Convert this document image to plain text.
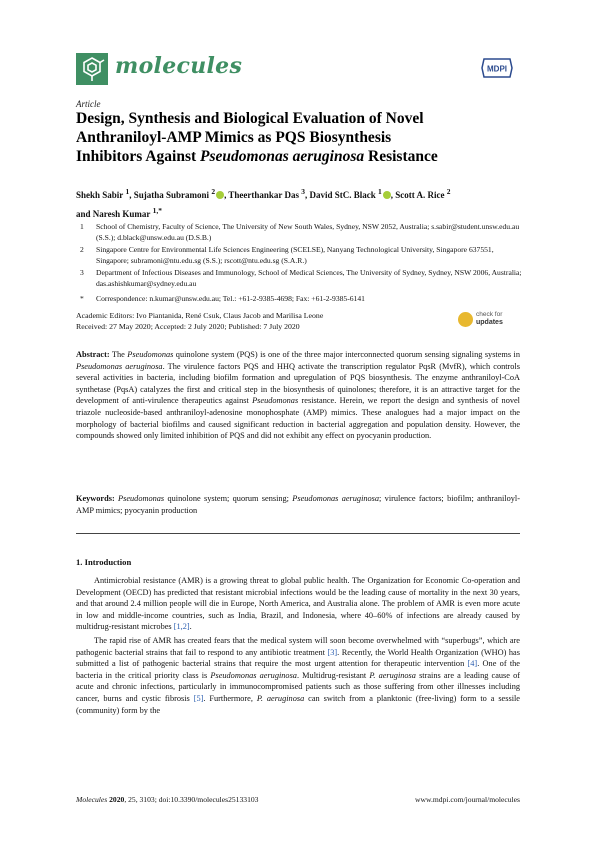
molecules	MDPI
Article
Design, Synthesis and Biological Evaluation of Novel
Anthraniloyl-AMP Mimics as PQS Biosynthesis
Inhibitors Against Pseudomonas aeruginosa Resistance
Shekh Sabir $^1$, Sujatha Subramoni $^2$ , Theerthankar Das $^3$, David StC. Black $^1$ , Scott A. Rice $^2$
and Naresh Kumar $^{1,*}$
1 School of Chemistry, Faculty of Science, The University of New South Wales, Sydney, NSW 2052, Australia; s.sabir@student.unsw.edu.au (S.S.); d.black@unsw.edu.au (D.S.B.)
2 Singapore Centre for Environmental Life Sciences Engineering (SCELSE), Nanyang Technological University, Singapore 637551, Singapore; subramoni@ntu.edu.sg (S.S.); rscott@ntu.edu.sg (S.A.R.)
3 Department of Infectious Diseases and Immunology, School of Medical Sciences, The University of Sydney, Sydney, NSW 2006, Australia; das.ashishkumar@sydney.edu.au
* Correspondence: n.kumar@unsw.edu.au; Tel.: +61-2-9385-4698; Fax: +61-2-9385-6141
Academic Editors: Ivo Piantanida, René Csuk, Claus Jacob and Marilisa Leone
Received: 27 May 2020; Accepted: 2 July 2020; Published: 7 July 2020
check for
updates
Abstract: The Pseudomonas quinolone system (PQS) is one of the three major interconnected quorum sensing signaling systems in Pseudomonas aeruginosa. The virulence factors PQS and HHQ activate the transcription regulator PqsR (MvfR), which controls several activities in bacteria, including biofilm formation and upregulation of PQS biosynthesis. The enzyme anthraniloyl-CoA synthetase (PqsA) catalyzes the first and critical step in the biosynthesis of quinolones; therefore, it is an attractive target for the development of anti-virulence therapeutics against Pseudomonas resistance. Herein, we report the design and synthesis of novel triazole nucleoside-based anthraniloyl-adenosine monophosphate (AMP) mimics. These analogues had a major impact on the morphology of bacterial biofilms and caused significant reduction in bacterial aggregation and population density. However, the compounds showed only limited inhibition of PQS and did not exhibit any effect on pyocyanin production.
Keywords: Pseudomonas quinolone system; quorum sensing; Pseudomonas aeruginosa; virulence factors; biofilm; anthraniloyl-AMP mimics; pyocyanin production
1. Introduction

Antimicrobial resistance (AMR) is a growing threat to global public health. The Organization for Economic Co-operation and Development (OECD) has predicted that resistant microbial infections would be the leading cause of mortality in the next 30 years, and that around 2.4 million people will die in Europe, North America, and Australia alone. The problem of AMR is even more acute in low and middle-income countries, such as India, Brazil, and Indonesia, where 40–60% of infections are already caused by multidrug-resistant microbes [1,2].

The rapid rise of AMR has created fears that the medical system will soon become overwhelmed with “superbugs”, which are pathogenic bacterial strains that fail to respond to any antibiotic treatment [3]. Recently, the World Health Organization (WHO) has submitted a list of pathogenic bacterial strains that require the most urgent attention for therapeutic intervention [4]. One of the bacteria in the critical priority class is Pseudomonas aeruginosa. Multidrug-resistant P. aeruginosa strains are a leading cause of acute and chronic infections, particularly in immunocompromised patients such as those suffering from other illnesses including cancer, burns and cystic fibrosis [5]. Furthermore, P. aeruginosa can switch from a planktonic (free-living) form to a sessile (community) form by the

Molecules 2020, 25, 3103; doi:10.3390/molecules25133103	www.mdpi.com/journal/molecules
